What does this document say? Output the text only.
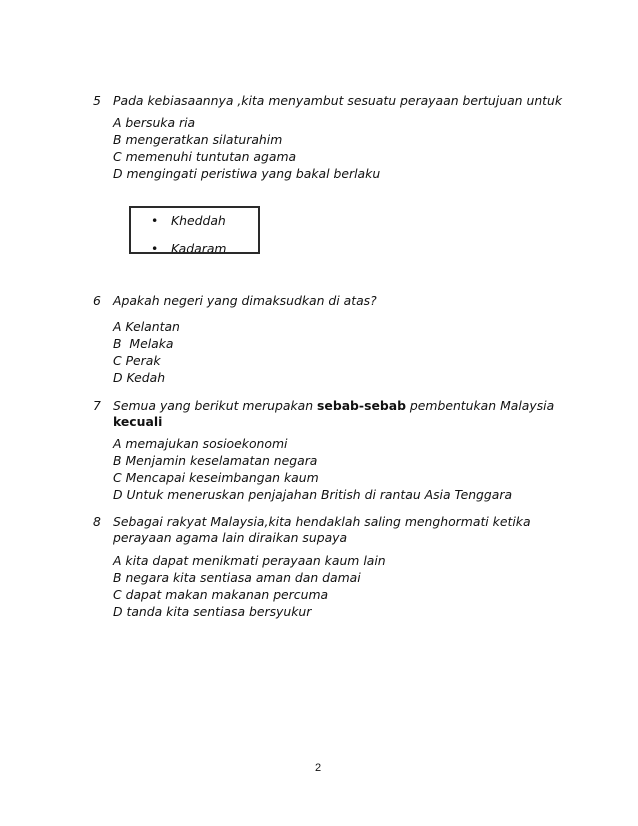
5 Pada kebiasaannya ,kita menyambut sesuatu perayaan bertujuan untuk
A bersuka ria
B mengeratkan silaturahim
C memenuhi tuntutan agama
D mengingati peristiwa yang bakal berlaku
• Kheddah
• Kadaram
6 Apakah negeri yang dimaksudkan di atas?
A Kelantan
B  Melaka
C Perak
D Kedah
7 Semua yang berikut merupakan sebab-sebab pembentukan Malaysia
kecuali
A memajukan sosioekonomi
B Menjamin keselamatan negara
C Mencapai keseimbangan kaum
D Untuk meneruskan penjajahan British di rantau Asia Tenggara
8 Sebagai rakyat Malaysia,kita hendaklah saling menghormati ketika
perayaan agama lain diraikan supaya
A kita dapat menikmati perayaan kaum lain
B negara kita sentiasa aman dan damai
C dapat makan makanan percuma
D tanda kita sentiasa bersyukur
2
